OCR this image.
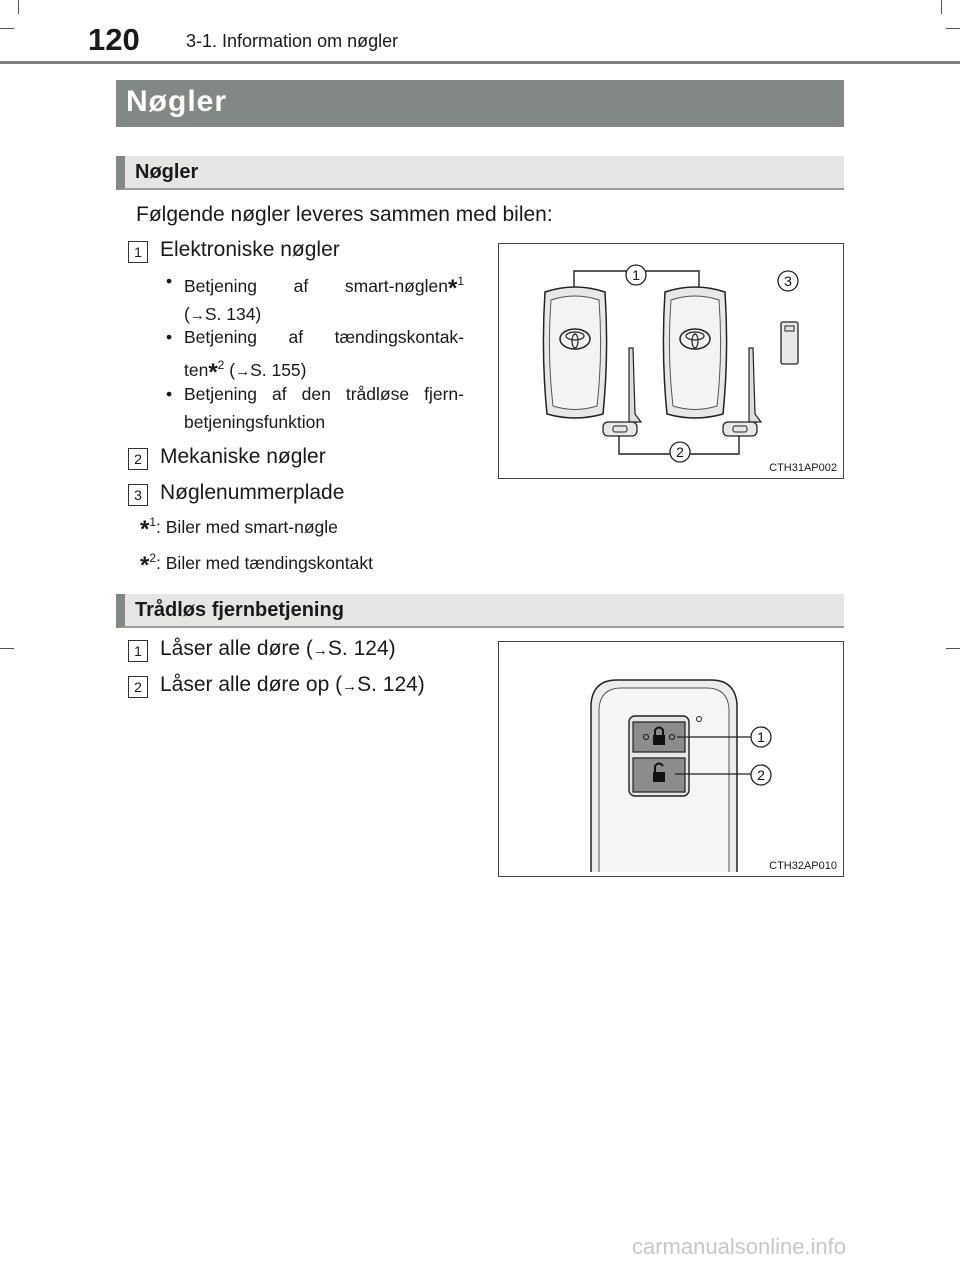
120	3-1. Information om nøgler
Nøgler
Nøgler
Følgende nøgler leveres sammen med bilen:
1 Elektroniske nøgler
• Betjening af smart-nøglen*$^1$
(→S. 134)
• Betjening af tændingskontak-
ten*$^2$ (→S. 155)
• Betjening af den trådløse fjern-
betjeningsfunktion
2 Mekaniske nøgler
3 Nøglenummerplade
*$^1$: Biler med smart-nøgle
*$^2$: Biler med tændingskontakt
1
2
3
CTH31AP002
Trådløs fjernbetjening
1 Låser alle døre (→S. 124)
2 Låser alle døre op (→S. 124)
1
2
CTH32AP010
carmanualsonline.info
